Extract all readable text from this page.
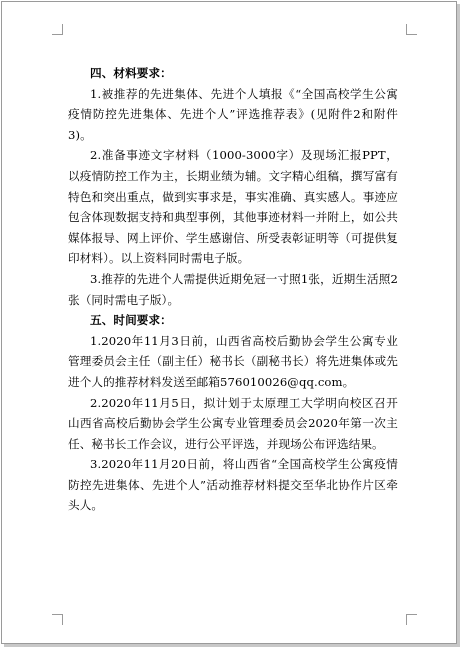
四、材料要求：

1.被推荐的先进集体、先进个人填报《“全国高校学生公寓疫情防控先进集体、先进个人”评选推荐表》(见附件2和附件3)。

2.准备事迹文字材料（1000-3000字）及现场汇报PPT，以疫情防控工作为主，长期业绩为辅。文字精心组稿，撰写富有特色和突出重点，做到实事求是，事实准确、真实感人。事迹应包含体现数据支持和典型事例，其他事迹材料一并附上，如公共媒体报导、网上评价、学生感谢信、所受表彰证明等（可提供复印材料）。以上资料同时需电子版。

3.推荐的先进个人需提供近期免冠一寸照1张，近期生活照2张（同时需电子版）。

五、时间要求：

1.2020年11月3日前，山西省高校后勤协会学生公寓专业管理委员会主任（副主任）秘书长（副秘书长）将先进集体或先进个人的推荐材料发送至邮箱576010026@qq.com。

2.2020年11月5日，拟计划于太原理工大学明向校区召开山西省高校后勤协会学生公寓专业管理委员会2020年第一次主任、秘书长工作会议，进行公平评选，并现场公布评选结果。

3.2020年11月20日前，将山西省“全国高校学生公寓疫情防控先进集体、先进个人”活动推荐材料提交至华北协作片区牵头人。
